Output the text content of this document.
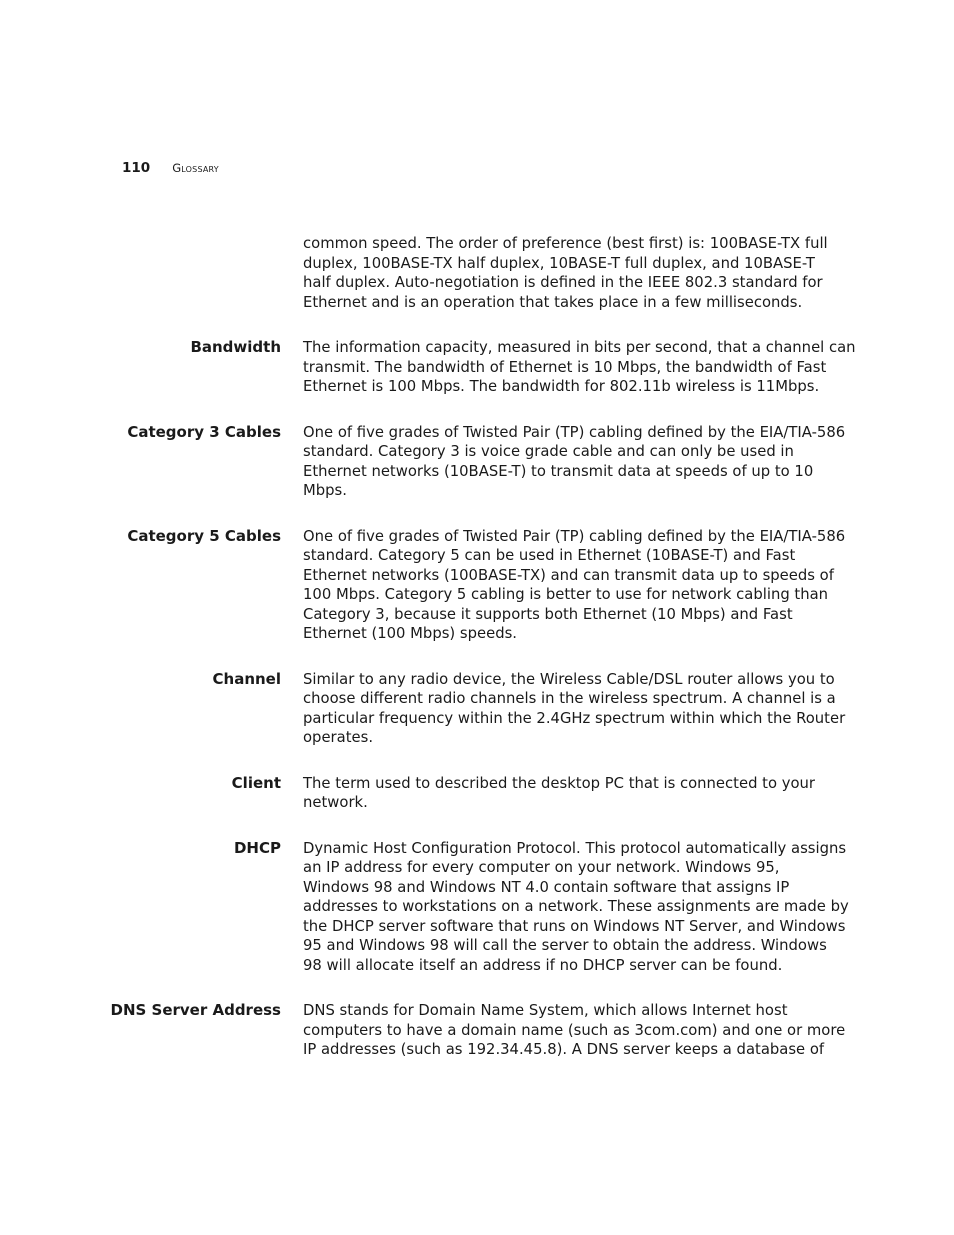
110 Glossary

common speed. The order of preference (best first) is: 100BASE-TX full
duplex, 100BASE-TX half duplex, 10BASE-T full duplex, and 10BASE-T
half duplex. Auto-negotiation is defined in the IEEE 802.3 standard for
Ethernet and is an operation that takes place in a few milliseconds.

Bandwidth The information capacity, measured in bits per second, that a channel can
transmit. The bandwidth of Ethernet is 10 Mbps, the bandwidth of Fast
Ethernet is 100 Mbps. The bandwidth for 802.11b wireless is 11Mbps.

Category 3 Cables One of five grades of Twisted Pair (TP) cabling defined by the EIA/TIA-586
standard. Category 3 is voice grade cable and can only be used in
Ethernet networks (10BASE-T) to transmit data at speeds of up to 10
Mbps.

Category 5 Cables One of five grades of Twisted Pair (TP) cabling defined by the EIA/TIA-586
standard. Category 5 can be used in Ethernet (10BASE-T) and Fast
Ethernet networks (100BASE-TX) and can transmit data up to speeds of
100 Mbps. Category 5 cabling is better to use for network cabling than
Category 3, because it supports both Ethernet (10 Mbps) and Fast
Ethernet (100 Mbps) speeds.

Channel Similar to any radio device, the Wireless Cable/DSL router allows you to
choose different radio channels in the wireless spectrum. A channel is a
particular frequency within the 2.4GHz spectrum within which the Router
operates.

Client The term used to described the desktop PC that is connected to your
network.

DHCP Dynamic Host Configuration Protocol. This protocol automatically assigns
an IP address for every computer on your network. Windows 95,
Windows 98 and Windows NT 4.0 contain software that assigns IP
addresses to workstations on a network. These assignments are made by
the DHCP server software that runs on Windows NT Server, and Windows
95 and Windows 98 will call the server to obtain the address. Windows
98 will allocate itself an address if no DHCP server can be found.

DNS Server Address DNS stands for Domain Name System, which allows Internet host
computers to have a domain name (such as 3com.com) and one or more
IP addresses (such as 192.34.45.8). A DNS server keeps a database of
